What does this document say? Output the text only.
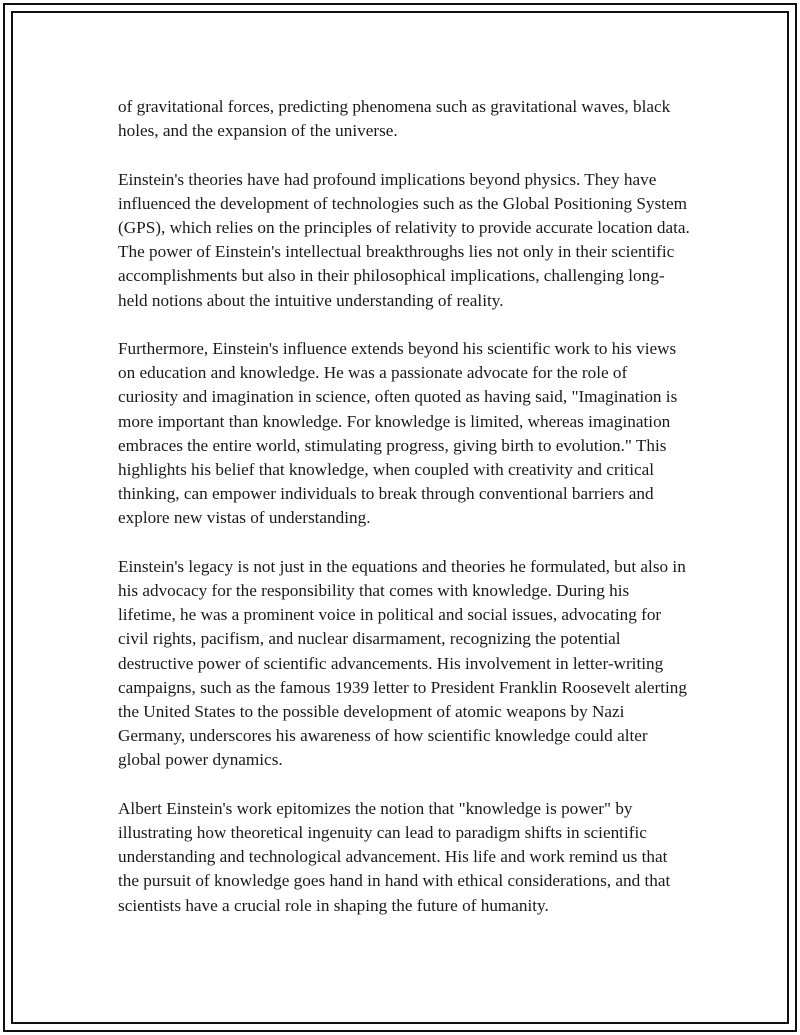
of gravitational forces, predicting phenomena such as gravitational waves, black holes, and the expansion of the universe.

Einstein's theories have had profound implications beyond physics. They have influenced the development of technologies such as the Global Positioning System (GPS), which relies on the principles of relativity to provide accurate location data. The power of Einstein's intellectual breakthroughs lies not only in their scientific accomplishments but also in their philosophical implications, challenging long-held notions about the intuitive understanding of reality.

Furthermore, Einstein's influence extends beyond his scientific work to his views on education and knowledge. He was a passionate advocate for the role of curiosity and imagination in science, often quoted as having said, "Imagination is more important than knowledge. For knowledge is limited, whereas imagination embraces the entire world, stimulating progress, giving birth to evolution." This highlights his belief that knowledge, when coupled with creativity and critical thinking, can empower individuals to break through conventional barriers and explore new vistas of understanding.

Einstein's legacy is not just in the equations and theories he formulated, but also in his advocacy for the responsibility that comes with knowledge. During his lifetime, he was a prominent voice in political and social issues, advocating for civil rights, pacifism, and nuclear disarmament, recognizing the potential destructive power of scientific advancements. His involvement in letter-writing campaigns, such as the famous 1939 letter to President Franklin Roosevelt alerting the United States to the possible development of atomic weapons by Nazi Germany, underscores his awareness of how scientific knowledge could alter global power dynamics.

Albert Einstein's work epitomizes the notion that "knowledge is power" by illustrating how theoretical ingenuity can lead to paradigm shifts in scientific understanding and technological advancement. His life and work remind us that the pursuit of knowledge goes hand in hand with ethical considerations, and that scientists have a crucial role in shaping the future of humanity.
